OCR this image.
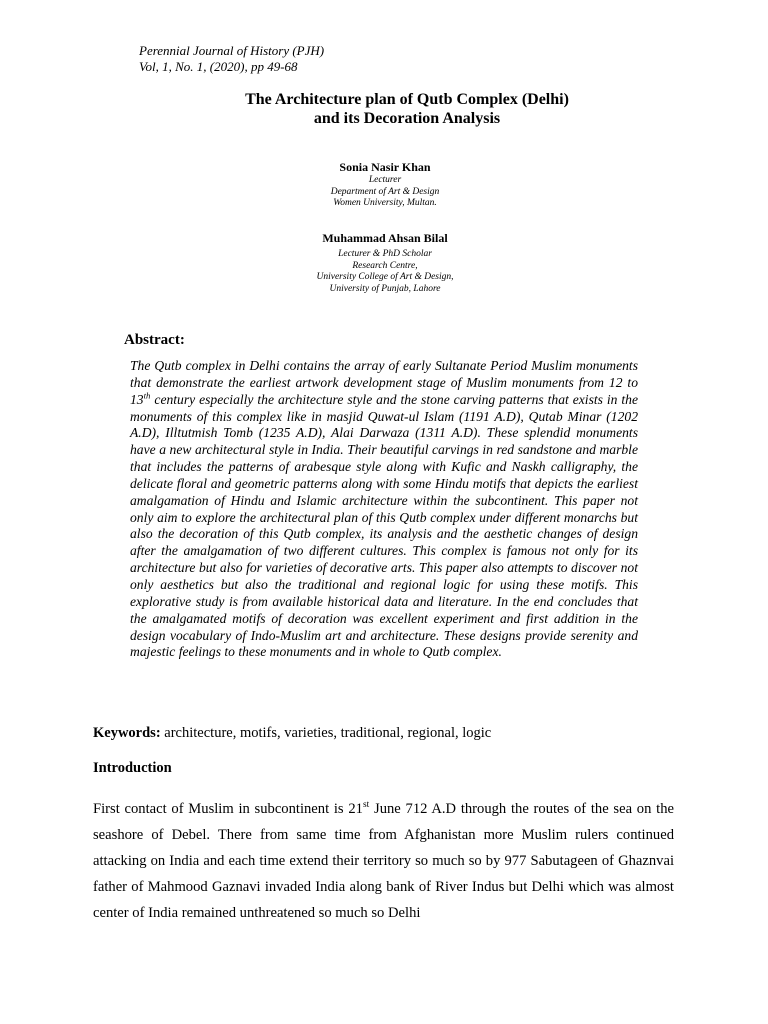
Perennial Journal of History (PJH)
Vol, 1, No. 1, (2020), pp 49-68
The Architecture plan of Qutb Complex (Delhi)
and its Decoration Analysis
Sonia Nasir Khan
Lecturer
Department of Art & Design
Women University, Multan.
Muhammad Ahsan Bilal
Lecturer & PhD Scholar
Research Centre,
University College of Art & Design,
University of Punjab, Lahore
Abstract:

The Qutb complex in Delhi contains the array of early Sultanate Period Muslim monuments that demonstrate the earliest artwork development stage of Muslim monuments from 12 to 13th century especially the architecture style and the stone carving patterns that exists in the monuments of this complex like in masjid Quwat-ul Islam (1191 A.D), Qutab Minar (1202 A.D), Illtutmish Tomb (1235 A.D), Alai Darwaza (1311 A.D). These splendid monuments have a new architectural style in India. Their beautiful carvings in red sandstone and marble that includes the patterns of arabesque style along with Kufic and Naskh calligraphy, the delicate floral and geometric patterns along with some Hindu motifs that depicts the earliest amalgamation of Hindu and Islamic architecture within the subcontinent. This paper not only aim to explore the architectural plan of this Qutb complex under different monarchs but also the decoration of this Qutb complex, its analysis and the aesthetic changes of design after the amalgamation of two different cultures. This complex is famous not only for its architecture but also for varieties of decorative arts. This paper also attempts to discover not only aesthetics but also the traditional and regional logic for using these motifs. This explorative study is from available historical data and literature. In the end concludes that the amalgamated motifs of decoration was excellent experiment and first addition in the design vocabulary of Indo-Muslim art and architecture. These designs provide serenity and majestic feelings to these monuments and in whole to Qutb complex.

Keywords: architecture, motifs, varieties, traditional, regional, logic
Introduction

First contact of Muslim in subcontinent is 21st June 712 A.D through the routes of the sea on the seashore of Debel. There from same time from Afghanistan more Muslim rulers continued attacking on India and each time extend their territory so much so by 977 Sabutageen of Ghaznvai father of Mahmood Gaznavi invaded India along bank of River Indus but Delhi which was almost center of India remained unthreatened so much so Delhi
